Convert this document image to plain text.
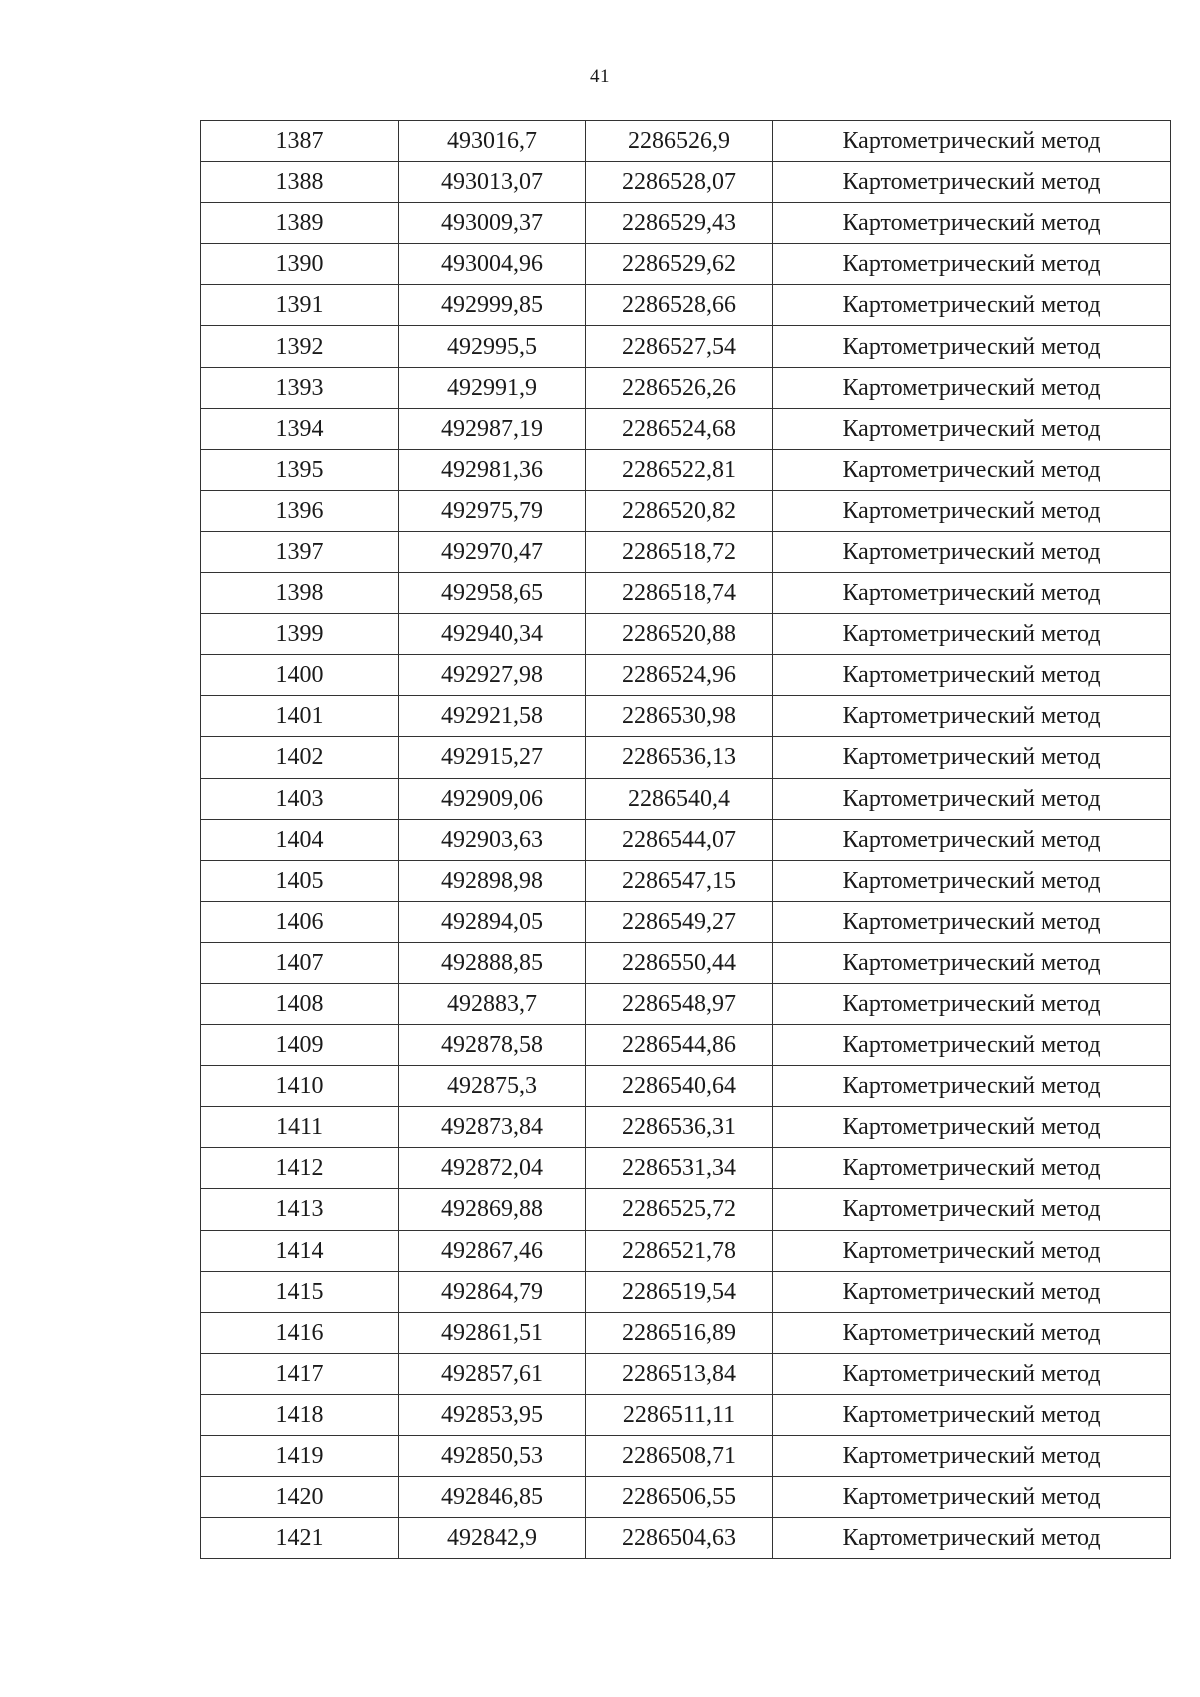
41
1387	493016,7	2286526,9	Картометрический метод
1388	493013,07	2286528,07	Картометрический метод
1389	493009,37	2286529,43	Картометрический метод
1390	493004,96	2286529,62	Картометрический метод
1391	492999,85	2286528,66	Картометрический метод
1392	492995,5	2286527,54	Картометрический метод
1393	492991,9	2286526,26	Картометрический метод
1394	492987,19	2286524,68	Картометрический метод
1395	492981,36	2286522,81	Картометрический метод
1396	492975,79	2286520,82	Картометрический метод
1397	492970,47	2286518,72	Картометрический метод
1398	492958,65	2286518,74	Картометрический метод
1399	492940,34	2286520,88	Картометрический метод
1400	492927,98	2286524,96	Картометрический метод
1401	492921,58	2286530,98	Картометрический метод
1402	492915,27	2286536,13	Картометрический метод
1403	492909,06	2286540,4	Картометрический метод
1404	492903,63	2286544,07	Картометрический метод
1405	492898,98	2286547,15	Картометрический метод
1406	492894,05	2286549,27	Картометрический метод
1407	492888,85	2286550,44	Картометрический метод
1408	492883,7	2286548,97	Картометрический метод
1409	492878,58	2286544,86	Картометрический метод
1410	492875,3	2286540,64	Картометрический метод
1411	492873,84	2286536,31	Картометрический метод
1412	492872,04	2286531,34	Картометрический метод
1413	492869,88	2286525,72	Картометрический метод
1414	492867,46	2286521,78	Картометрический метод
1415	492864,79	2286519,54	Картометрический метод
1416	492861,51	2286516,89	Картометрический метод
1417	492857,61	2286513,84	Картометрический метод
1418	492853,95	2286511,11	Картометрический метод
1419	492850,53	2286508,71	Картометрический метод
1420	492846,85	2286506,55	Картометрический метод
1421	492842,9	2286504,63	Картометрический метод
